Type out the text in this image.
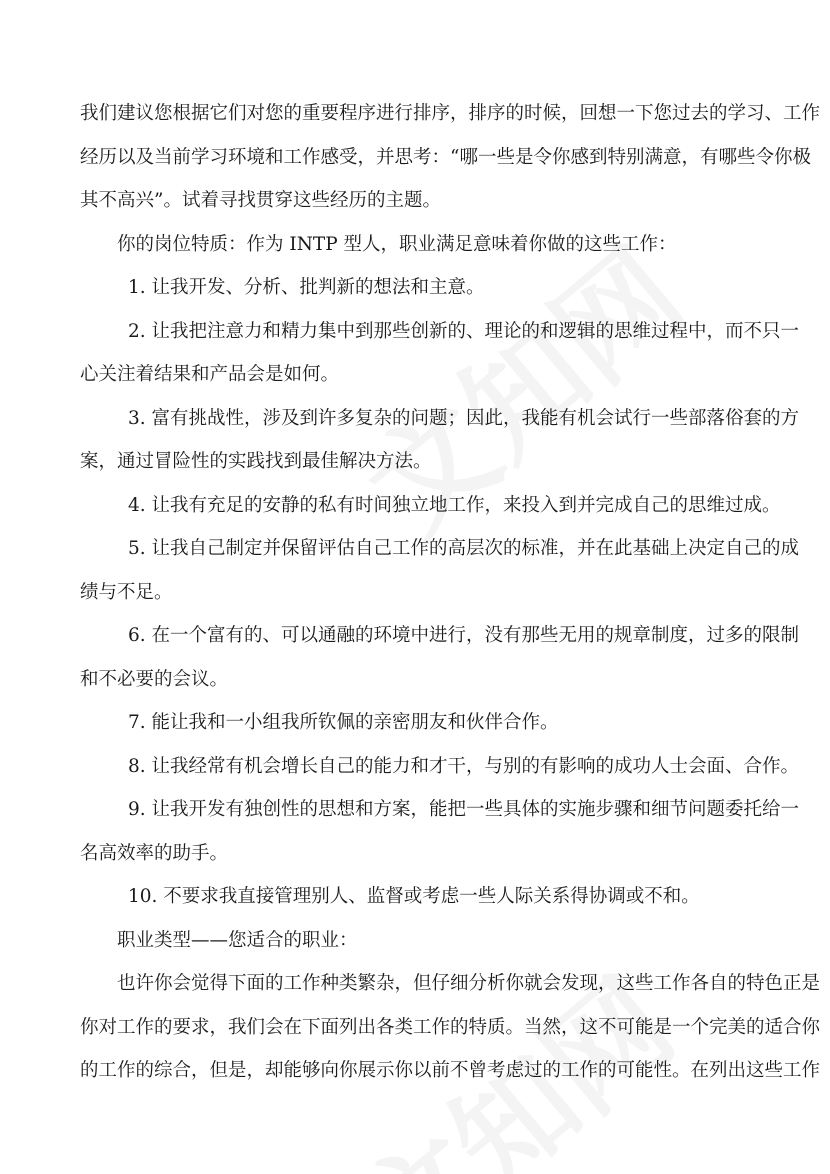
我们建议您根据它们对您的重要程序进行排序，排序的时候，回想一下您过去的学习、工作
经历以及当前学习环境和工作感受，并思考：“哪一些是令你感到特别满意，有哪些令你极
其不高兴”。试着寻找贯穿这些经历的主题。
你的岗位特质：作为 INTP 型人，职业满足意味着你做的这些工作：
1. 让我开发、分析、批判新的想法和主意。
2. 让我把注意力和精力集中到那些创新的、理论的和逻辑的思维过程中，而不只一
心关注着结果和产品会是如何。
3. 富有挑战性，涉及到许多复杂的问题；因此，我能有机会试行一些部落俗套的方
案，通过冒险性的实践找到最佳解决方法。
4. 让我有充足的安静的私有时间独立地工作，来投入到并完成自己的思维过成。
5. 让我自己制定并保留评估自己工作的高层次的标准，并在此基础上决定自己的成
绩与不足。
6. 在一个富有的、可以通融的环境中进行，没有那些无用的规章制度，过多的限制
和不必要的会议。
7. 能让我和一小组我所钦佩的亲密朋友和伙伴合作。
8. 让我经常有机会增长自己的能力和才干，与别的有影响的成功人士会面、合作。
9. 让我开发有独创性的思想和方案，能把一些具体的实施步骤和细节问题委托给一
名高效率的助手。
10. 不要求我直接管理别人、监督或考虑一些人际关系得协调或不和。
职业类型——您适合的职业：
也许你会觉得下面的工作种类繁杂，但仔细分析你就会发现，这些工作各自的特色正是
你对工作的要求，我们会在下面列出各类工作的特质。当然，这不可能是一个完美的适合你
的工作的综合，但是，却能够向你展示你以前不曾考虑过的工作的可能性。在列出这些工作
